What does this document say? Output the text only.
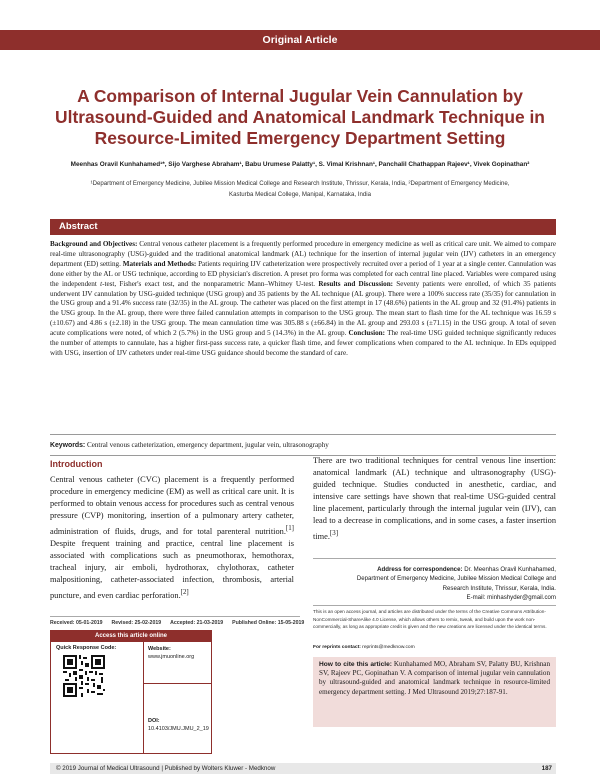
Original Article
A Comparison of Internal Jugular Vein Cannulation by
Ultrasound-Guided and Anatomical Landmark Technique in
Resource-Limited Emergency Department Setting
Meenhas Oravil Kunhahamed¹*, Sijo Varghese Abraham¹, Babu Urumese Palatty¹, S. Vimal Krishnan¹, Panchalil Chathappan Rajeev¹, Vivek Gopinathan²
¹Department of Emergency Medicine, Jubilee Mission Medical College and Research Institute, Thrissur, Kerala, India, ²Department of Emergency Medicine,
Kasturba Medical College, Manipal, Karnataka, India
Abstract
Background and Objectives: Central venous catheter placement is a frequently performed procedure in emergency medicine as well as critical care unit. We aimed to compare real-time ultrasonography (USG)-guided and the traditional anatomical landmark (AL) technique for the insertion of internal jugular vein (IJV) catheters in an emergency department (ED) setting. Materials and Methods: Patients requiring IJV catheterization were prospectively recruited over a period of 1 year at a single center. Cannulation was done either by the AL or USG technique, according to ED physician's discretion. A preset pro forma was completed for each central line placed. Variables were compared using the independent t-test, Fisher's exact test, and the nonparametric Mann–Whitney U-test. Results and Discussion: Seventy patients were enrolled, of which 35 patients underwent IJV cannulation by USG-guided technique (USG group) and 35 patients by the AL technique (AL group). There were a 100% success rate (35/35) for cannulation in the USG group and a 91.4% success rate (32/35) in the AL group. The catheter was placed on the first attempt in 17 (48.6%) patients in the AL group and 32 (91.4%) patients in the USG group. In the AL group, there were three failed cannulation attempts in comparison to the USG group. The mean start to flash time for the AL technique was 16.59 s (±10.67) and 4.86 s (±2.18) in the USG group. The mean cannulation time was 305.88 s (±66.84) in the AL group and 293.03 s (±71.15) in the USG group. A total of seven acute complications were noted, of which 2 (5.7%) in the USG group and 5 (14.3%) in the AL group. Conclusion: The real-time USG guided technique significantly reduces the number of attempts to cannulate, has a higher first-pass success rate, a quicker flash time, and fewer complications when compared to the AL technique. In EDs equipped with USG, insertion of IJV catheters under real-time USG guidance should become the standard of care.
Keywords: Central venous catheterization, emergency department, jugular vein, ultrasonography
Introduction
Central venous catheter (CVC) placement is a frequently performed procedure in emergency medicine (EM) as well as critical care unit. It is performed to obtain venous access for procedures such as central venous pressure (CVP) monitoring, insertion of a pulmonary artery catheter, administration of fluids, drugs, and for total parenteral nutrition.[1] Despite frequent training and practice, central line placement is associated with complications such as pneumothorax, hemothorax, tracheal injury, air emboli, hydrothorax, chylothorax, catheter malpositioning, catheter-associated infection, thrombosis, arterial puncture, and even cardiac perforation.[2]
There are two traditional techniques for central venous line insertion: anatomical landmark (AL) technique and ultrasonography (USG)-guided technique. Studies conducted in anesthetic, cardiac, and intensive care settings have shown that real-time USG-guided central line placement, particularly through the internal jugular vein (IJV), can lead to a decrease in complications, and in some cases, a faster insertion time.[3]
Address for correspondence: Dr. Meenhas Oravil Kunhahamed,
Department of Emergency Medicine, Jubilee Mission Medical College and
Research Institute, Thrissur, Kerala, India.
E-mail: minhashyder@gmail.com
Received: 05-01-2019 Revised: 25-02-2019 Accepted: 21-03-2019 Published Online: 15-05-2019
Access this article online
Quick Response Code:	Website:
www.jmuonline.org
DOI:
10.4103/JMU.JMU_2_19
This is an open access journal, and articles are distributed under the terms of the Creative Commons Attribution-NonCommercial-ShareAlike 4.0 License, which allows others to remix, tweak, and build upon the work non-commercially, as long as appropriate credit is given and the new creations are licensed under the identical terms.
For reprints contact: reprints@medknow.com
How to cite this article: Kunhahamed MO, Abraham SV, Palatty BU, Krishnan SV, Rajeev PC, Gopinathan V. A comparison of internal jugular vein cannulation by ultrasound-guided and anatomical landmark technique in resource-limited emergency department setting. J Med Ultrasound 2019;27:187-91.
© 2019 Journal of Medical Ultrasound | Published by Wolters Kluwer - Medknow	187
